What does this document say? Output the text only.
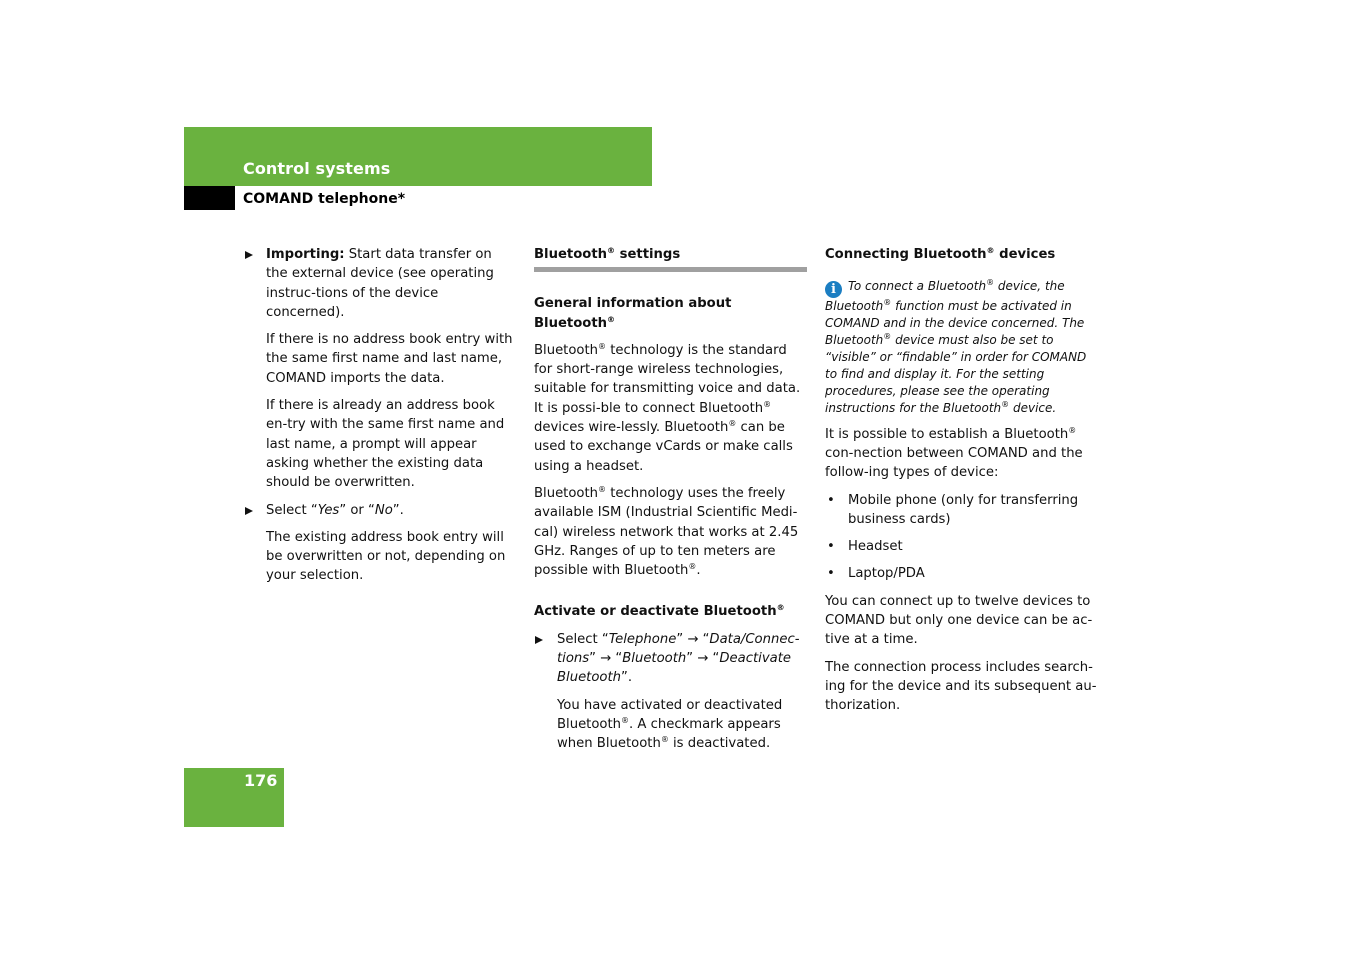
Control systems
COMAND telephone*
Importing: Start data transfer on the external device (see operating instruc-tions of the device concerned).

If there is no address book entry with the same first name and last name, COMAND imports the data.

If there is already an address book en-try with the same first name and last name, a prompt will appear asking whether the existing data should be overwritten.

Select “Yes” or “No”.

The existing address book entry will be overwritten or not, depending on your selection.

Bluetooth® settings
General information about Bluetooth®

Bluetooth® technology is the standard for short-range wireless technologies, suitable for transmitting voice and data. It is possi-ble to connect Bluetooth® devices wire-lessly. Bluetooth® can be used to exchange vCards or make calls using a headset.

Bluetooth® technology uses the freely available ISM (Industrial Scientific Medi-cal) wireless network that works at 2.45 GHz. Ranges of up to ten meters are possible with Bluetooth®.

Activate or deactivate Bluetooth®
Select “Telephone” → “Data/Connec-tions” → “Bluetooth” → “Deactivate Bluetooth”.

You have activated or deactivated Bluetooth®. A checkmark appears when Bluetooth® is deactivated.

Connecting Bluetooth® devices

i To connect a Bluetooth® device, the Bluetooth® function must be activated in COMAND and in the device concerned. The Bluetooth® device must also be set to “visible” or “findable” in order for COMAND to find and display it. For the setting procedures, please see the operating instructions for the Bluetooth® device.

It is possible to establish a Bluetooth® con-nection between COMAND and the follow-ing types of device:

• Mobile phone (only for transferring business cards)
• Headset
• Laptop/PDA

You can connect up to twelve devices to COMAND but only one device can be ac-tive at a time.

The connection process includes search-ing for the device and its subsequent au-thorization.

176
